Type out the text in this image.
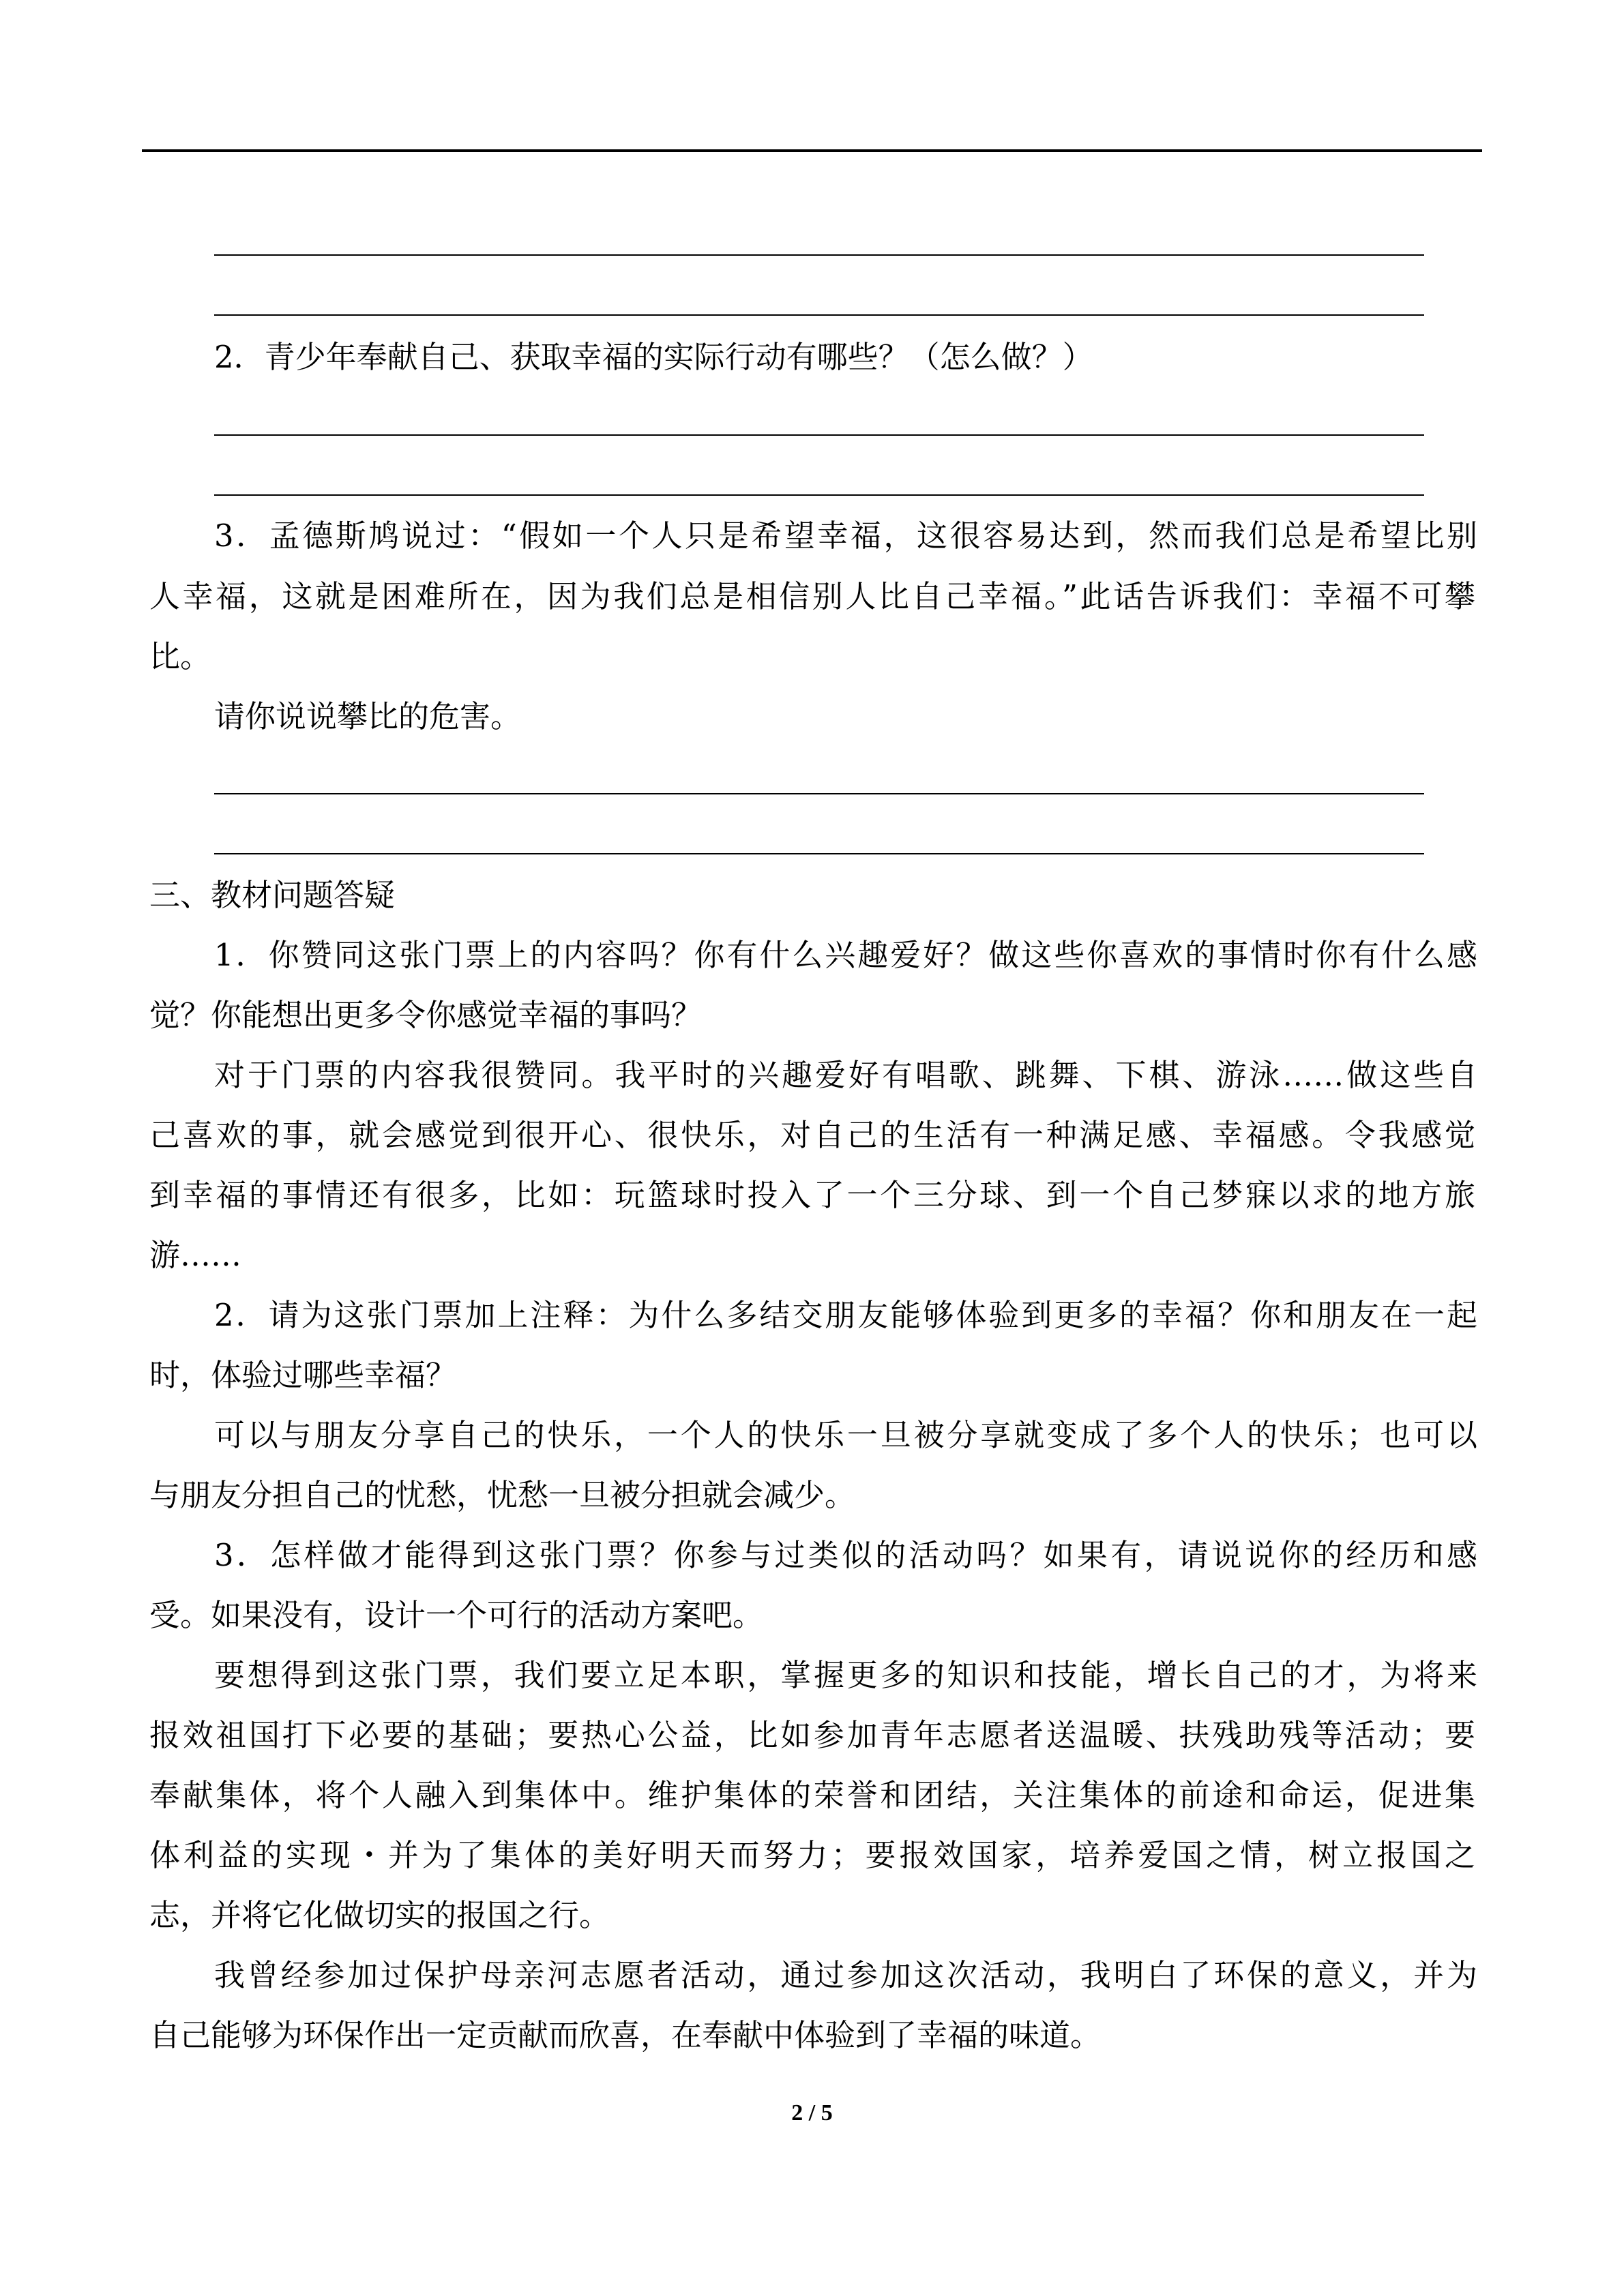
2．青少年奉献自己、获取幸福的实际行动有哪些？（怎么做？）
3．孟德斯鸠说过：“假如一个人只是希望幸福，这很容易达到，然而我们总是希望比别
人幸福，这就是困难所在，因为我们总是相信别人比自己幸福。”此话告诉我们：幸福不可攀
比。
请你说说攀比的危害。
三、教材问题答疑
1．你赞同这张门票上的内容吗？你有什么兴趣爱好？做这些你喜欢的事情时你有什么感
觉？你能想出更多令你感觉幸福的事吗？
对于门票的内容我很赞同。我平时的兴趣爱好有唱歌、跳舞、下棋、游泳……做这些自
己喜欢的事，就会感觉到很开心、很快乐，对自己的生活有一种满足感、幸福感。令我感觉
到幸福的事情还有很多，比如：玩篮球时投入了一个三分球、到一个自己梦寐以求的地方旅
游……
2．请为这张门票加上注释：为什么多结交朋友能够体验到更多的幸福？你和朋友在一起
时，体验过哪些幸福？
可以与朋友分享自己的快乐，一个人的快乐一旦被分享就变成了多个人的快乐；也可以
与朋友分担自己的忧愁，忧愁一旦被分担就会减少。
3．怎样做才能得到这张门票？你参与过类似的活动吗？如果有，请说说你的经历和感
受。如果没有，设计一个可行的活动方案吧。
要想得到这张门票，我们要立足本职，掌握更多的知识和技能，增长自己的才，为将来
报效祖国打下必要的基础；要热心公益，比如参加青年志愿者送温暖、扶残助残等活动；要
奉献集体，将个人融入到集体中。维护集体的荣誉和团结，关注集体的前途和命运，促进集
体利益的实现・并为了集体的美好明天而努力；要报效国家，培养爱国之情，树立报国之
志，并将它化做切实的报国之行。
我曾经参加过保护母亲河志愿者活动，通过参加这次活动，我明白了环保的意义，并为
自己能够为环保作出一定贡献而欣喜，在奉献中体验到了幸福的味道。
2 / 5
